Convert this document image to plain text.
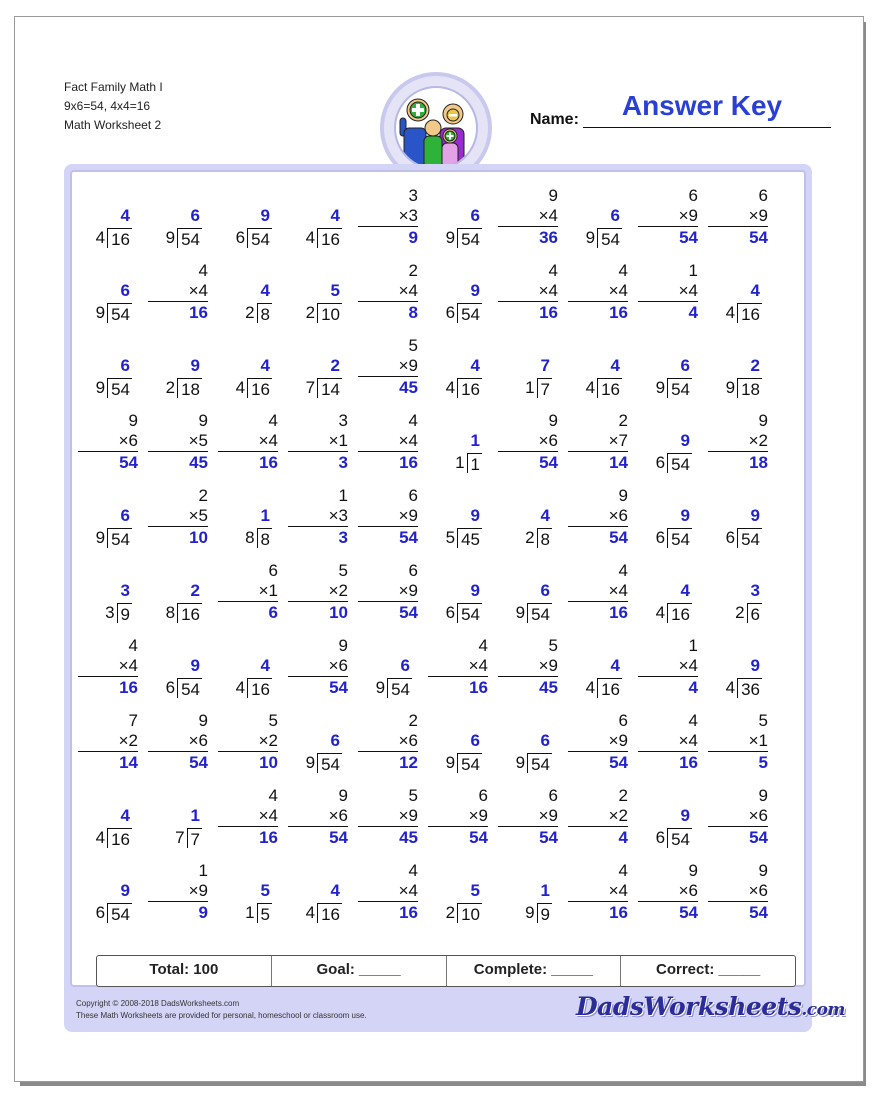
Fact Family Math I
9x6=54, 4x4=16
Math Worksheet 2	Name:	Answer Key
Total: 100	Goal: _____	Complete: _____	Correct: _____
4
4 16
6
9 54
9
6 54
4
4 16
3
×3
9
6
9 54
9
×4
36
6
9 54
6
×9
54
6
×9
54
6
9 54
4
×4
16
4
2 8
5
2 10
2
×4
8
9
6 54
4
×4
16
4
×4
16
1
×4
4
4
4 16
6
9 54
9
2 18
4
4 16
2
7 14
5
×9
45
4
4 16
7
1 7
4
4 16
6
9 54
2
9 18
9
×6
54
9
×5
45
4
×4
16
3
×1
3
4
×4
16
1
1 1
9
×6
54
2
×7
14
9
6 54
9
×2
18
6
9 54
2
×5
10
1
8 8
1
×3
3
6
×9
54
9
5 45
4
2 8
9
×6
54
9
6 54
9
6 54
3
3 9
2
8 16
6
×1
6
5
×2
10
6
×9
54
9
6 54
6
9 54
4
×4
16
4
4 16
3
2 6
4
×4
16
9
6 54
4
4 16
9
×6
54
6
9 54
4
×4
16
5
×9
45
4
4 16
1
×4
4
9
4 36
7
×2
14
9
×6
54
5
×2
10
6
9 54
2
×6
12
6
9 54
6
9 54
6
×9
54
4
×4
16
5
×1
5
4
4 16
1
7 7
4
×4
16
9
×6
54
5
×9
45
6
×9
54
6
×9
54
2
×2
4
9
6 54
9
×6
54
9
6 54
1
×9
9
5
1 5
4
4 16
4
×4
16
5
2 10
1
9 9
4
×4
16
9
×6
54
9
×6
54
Copyright © 2008-2018 DadsWorksheets.com
These Math Worksheets are provided for personal, homeschool or classroom use.	DadsWorksheets.com
